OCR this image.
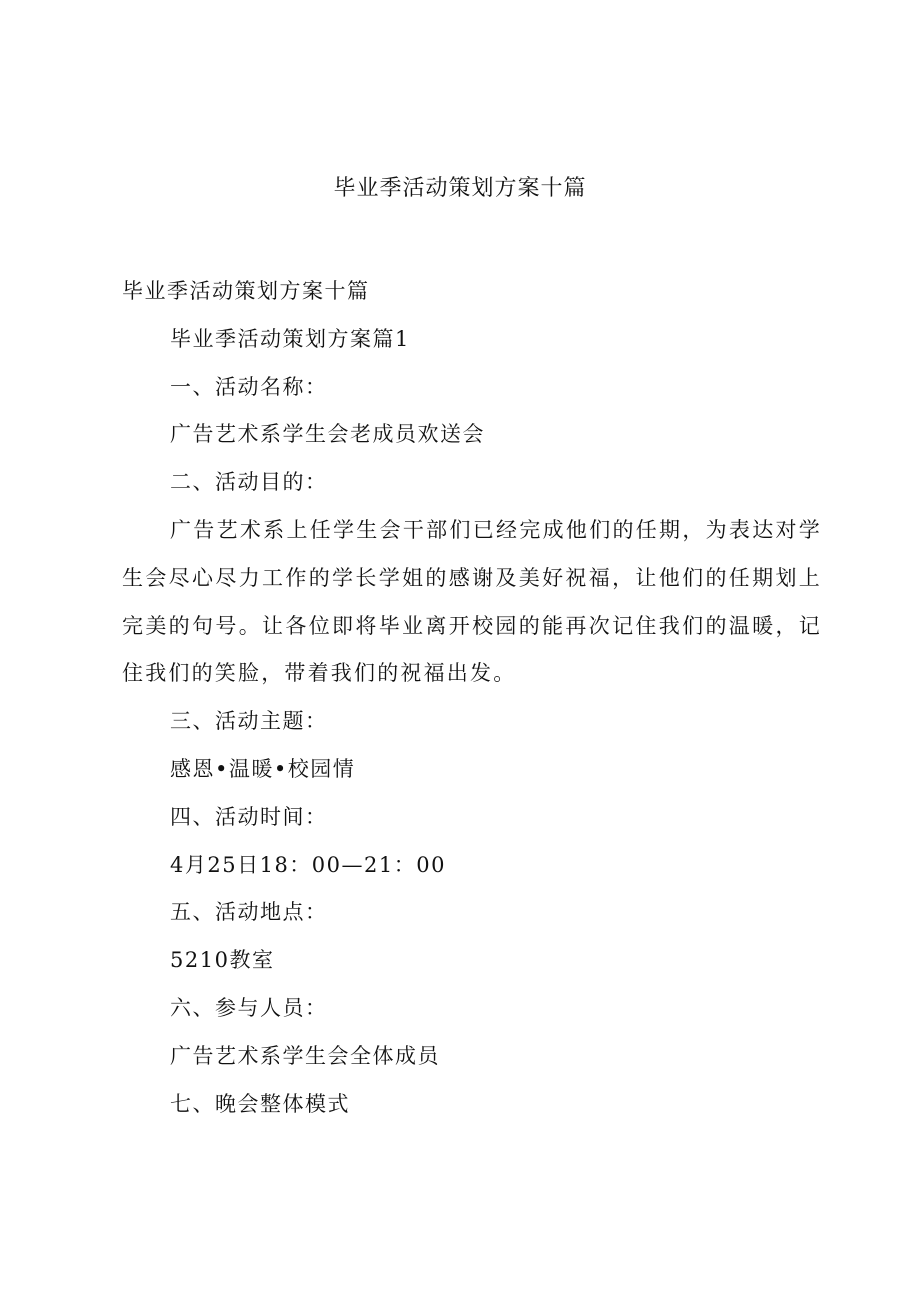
毕业季活动策划方案十篇

毕业季活动策划方案十篇

毕业季活动策划方案篇1

一、活动名称：

广告艺术系学生会老成员欢送会

二、活动目的：

广告艺术系上任学生会干部们已经完成他们的任期，为表达对学生会尽心尽力工作的学长学姐的感谢及美好祝福，让他们的任期划上完美的句号。让各位即将毕业离开校园的能再次记住我们的温暖，记住我们的笑脸，带着我们的祝福出发。

三、活动主题：

感恩•温暖•校园情

四、活动时间：

4月25日18：00—21：00

五、活动地点：

5210教室

六、参与人员：

广告艺术系学生会全体成员

七、晚会整体模式
